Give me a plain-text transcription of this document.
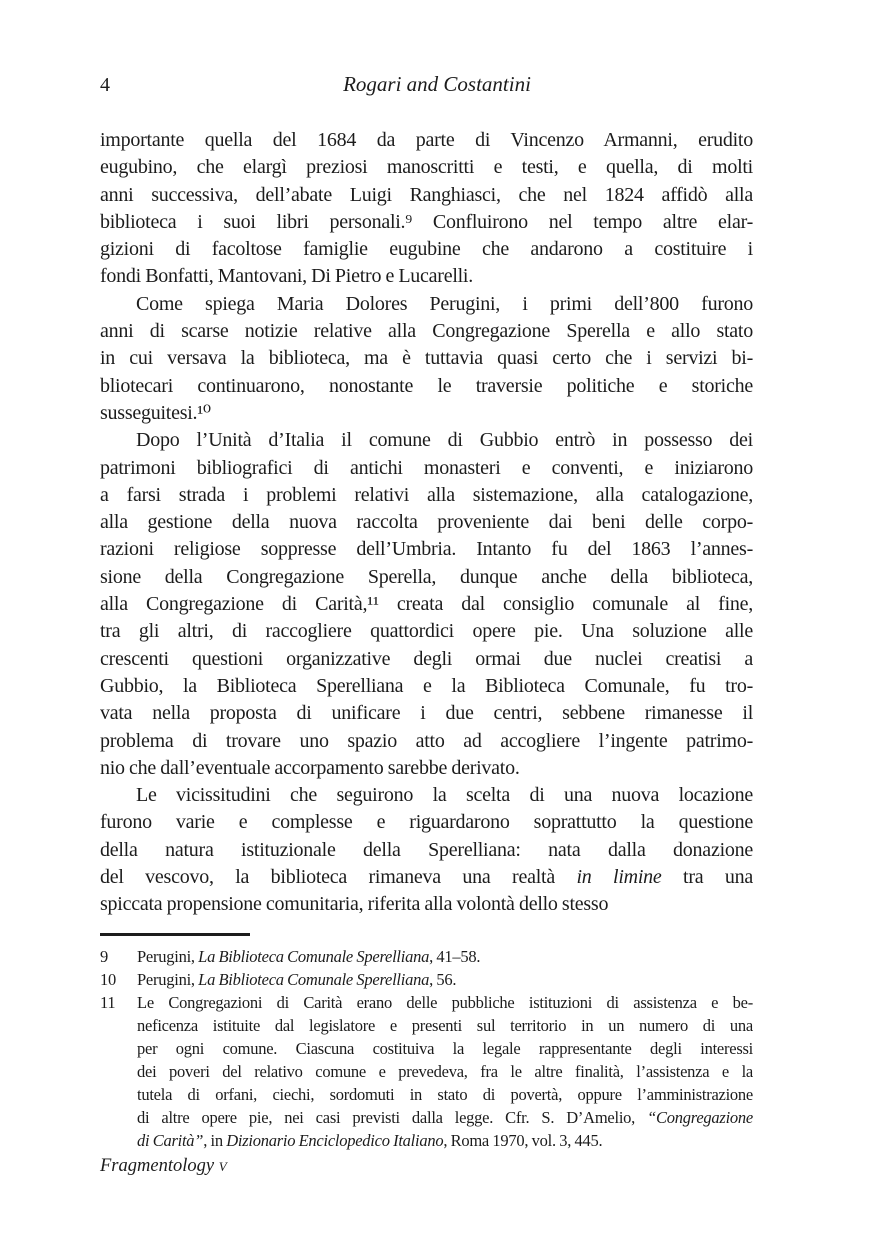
4	Rogari and Costantini
importante quella del 1684 da parte di Vincenzo Armanni, erudito
eugubino, che elargì preziosi manoscritti e testi, e quella, di molti
anni successiva, dell’abate Luigi Ranghiasci, che nel 1824 affidò alla
biblioteca i suoi libri personali.⁹ Confluirono nel tempo altre elar-
gizioni di facoltose famiglie eugubine che andarono a costituire i
fondi Bonfatti, Mantovani, Di Pietro e Lucarelli.
Come spiega Maria Dolores Perugini, i primi dell’800 furono
anni di scarse notizie relative alla Congregazione Sperella e allo stato
in cui versava la biblioteca, ma è tuttavia quasi certo che i servizi bi-
bliotecari continuarono, nonostante le traversie politiche e storiche
susseguitesi.¹⁰
Dopo l’Unità d’Italia il comune di Gubbio entrò in possesso dei
patrimoni bibliografici di antichi monasteri e conventi, e iniziarono
a farsi strada i problemi relativi alla sistemazione, alla catalogazione,
alla gestione della nuova raccolta proveniente dai beni delle corpo-
razioni religiose soppresse dell’Umbria. Intanto fu del 1863 l’annes-
sione della Congregazione Sperella, dunque anche della biblioteca,
alla Congregazione di Carità,¹¹ creata dal consiglio comunale al fine,
tra gli altri, di raccogliere quattordici opere pie. Una soluzione alle
crescenti questioni organizzative degli ormai due nuclei creatisi a
Gubbio, la Biblioteca Sperelliana e la Biblioteca Comunale, fu tro-
vata nella proposta di unificare i due centri, sebbene rimanesse il
problema di trovare uno spazio atto ad accogliere l’ingente patrimo-
nio che dall’eventuale accorpamento sarebbe derivato.
Le vicissitudini che seguirono la scelta di una nuova locazione
furono varie e complesse e riguardarono soprattutto la questione
della natura istituzionale della Sperelliana: nata dalla donazione
del vescovo, la biblioteca rimaneva una realtà in limine tra una
spiccata propensione comunitaria, riferita alla volontà dello stesso
9 Perugini, La Biblioteca Comunale Sperelliana, 41–58.
10 Perugini, La Biblioteca Comunale Sperelliana, 56.
11 Le Congregazioni di Carità erano delle pubbliche istituzioni di assistenza e be-
neficenza istituite dal legislatore e presenti sul territorio in un numero di una
per ogni comune. Ciascuna costituiva la legale rappresentante degli interessi
dei poveri del relativo comune e prevedeva, fra le altre finalità, l’assistenza e la
tutela di orfani, ciechi, sordomuti in stato di povertà, oppure l’amministrazione
di altre opere pie, nei casi previsti dalla legge. Cfr. S. D’Amelio, “Congregazione
di Carità”, in Dizionario Enciclopedico Italiano, Roma 1970, vol. 3, 445.
Fragmentology v
